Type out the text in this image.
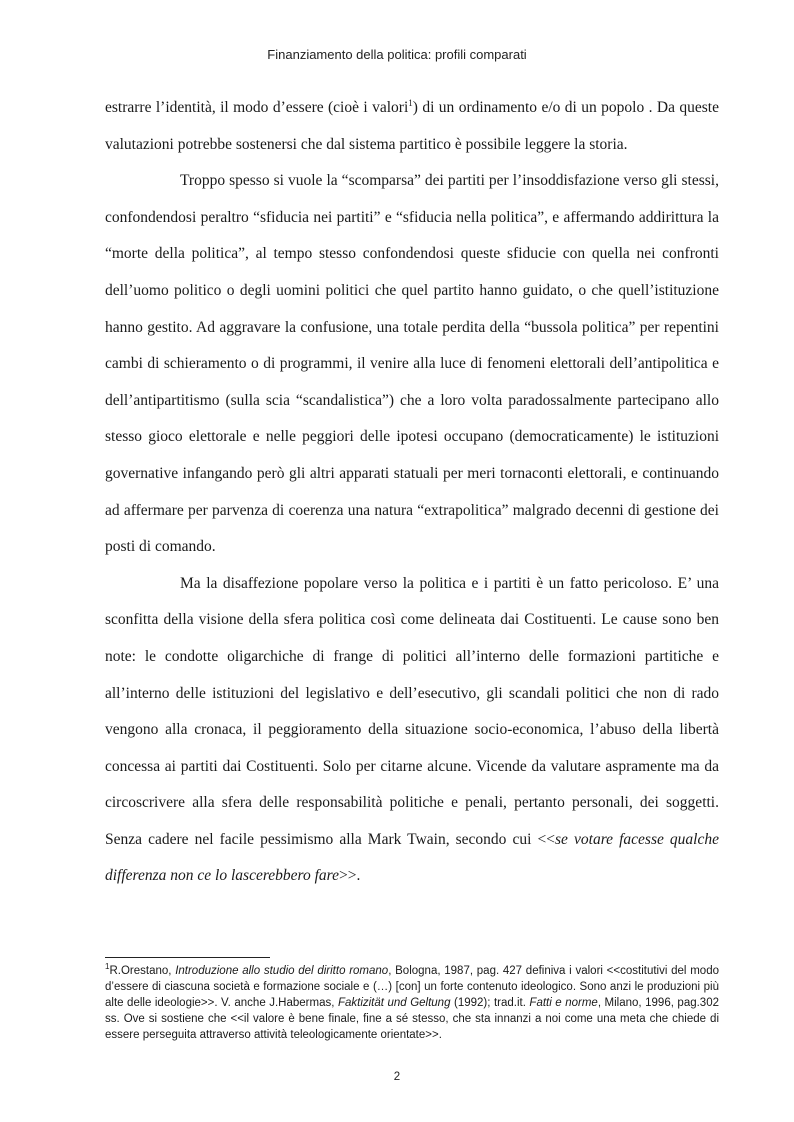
Finanziamento della politica: profili comparati

estrarre l’identità, il modo d’essere (cioè i valori$^1$) di un ordinamento e/o di un popolo . Da queste valutazioni potrebbe sostenersi che dal sistema partitico è possibile leggere la storia.

Troppo spesso si vuole la “scomparsa” dei partiti per l’insoddisfazione verso gli stessi, confondendosi peraltro “sfiducia nei partiti” e “sfiducia nella politica”, e affermando addirittura la “morte della politica”, al tempo stesso confondendosi queste sfiducie con quella nei confronti dell’uomo politico o degli uomini politici che quel partito hanno guidato, o che quell’istituzione hanno gestito. Ad aggravare la confusione, una totale perdita della “bussola politica” per repentini cambi di schieramento o di programmi, il venire alla luce di fenomeni elettorali dell’antipolitica e dell’antipartitismo (sulla scia “scandalistica”) che a loro volta paradossalmente partecipano allo stesso gioco elettorale e nelle peggiori delle ipotesi occupano (democraticamente) le istituzioni governative infangando però gli altri apparati statuali per meri tornaconti elettorali, e continuando ad affermare per parvenza di coerenza una natura “extrapolitica” malgrado decenni di gestione dei posti di comando.

Ma la disaffezione popolare verso la politica e i partiti è un fatto pericoloso. E’ una sconfitta della visione della sfera politica così come delineata dai Costituenti. Le cause sono ben note: le condotte oligarchiche di frange di politici all’interno delle formazioni partitiche e all’interno delle istituzioni del legislativo e dell’esecutivo, gli scandali politici che non di rado vengono alla cronaca, il peggioramento della situazione socio-economica, l’abuso della libertà concessa ai partiti dai Costituenti. Solo per citarne alcune. Vicende da valutare aspramente ma da circoscrivere alla sfera delle responsabilità politiche e penali, pertanto personali, dei soggetti. Senza cadere nel facile pessimismo alla Mark Twain, secondo cui <<se votare facesse qualche differenza non ce lo lascerebbero fare>>.

$^1$R.Orestano, Introduzione allo studio del diritto romano, Bologna, 1987, pag. 427 definiva i valori <<costitutivi del modo d’essere di ciascuna società e formazione sociale e (…) [con] un forte contenuto ideologico. Sono anzi le produzioni più alte delle ideologie>>. V. anche J.Habermas, Faktizität und Geltung (1992); trad.it. Fatti e norme, Milano, 1996, pag.302 ss. Ove si sostiene che <<il valore è bene finale, fine a sé stesso, che sta innanzi a noi come una meta che chiede di essere perseguita attraverso attività teleologicamente orientate>>.

2
